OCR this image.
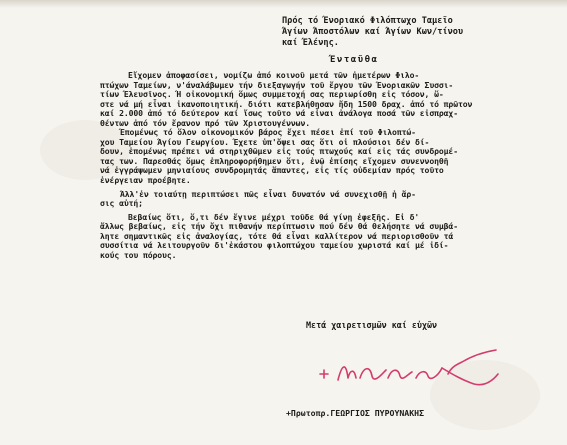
Πρός τό Ένοριακό Φιλόπτωχο Ταμεῖο
Άγίων Άποστόλων καί Άγίων Κων/τίνου
καί Έλένης.
Ένταῦθα
Εἴχομεν ἀποφασίσει, νομίζω ἀπό κοινοῦ μετά τῶν ἡμετέρων Φιλο-
πτώχων Ταμείων, ν'άναλάβωμεν τήν διεξαγωγήν τοῦ ἔργου τῶν Ένοριακῶν Συσσι-
τίων Έλευσῖνος. Ή οἰκονομική ὅμως συμμετοχή σας περιωρίσθη εἰς τόσον, ὥ-
στε νά μή εἶναι ἱκανοποιητική. διότι κατεβλήθησαν ἤδη 1500 δραχ. ἀπό τό πρῶτον
καί 2.000 ἀπό τό δεύτερον καί ἴσως τοῦτο νά εἶναι ἀνάλογα ποσά τῶν εἰσπραχ-
θέντων ἀπό τόν ἔρανον πρό τῶν Χριστουγέννων.
Έπομένως τό ὅλον οἰκονομικόν βάρος ἔχει πέσει ἐπί τοῦ Φιλοπτώ-
χου Ταμείου Άγίου Γεωργίου. Έχετε ὑπ'ὄψει σας ὅτι οἱ πλούσιοι δέν δί-
δουν, ἑπομένως πρέπει νά στηριχθῶμεν εἰς τούς πτωχούς καί εἰς τάς συνδρομέ-
τας των. Παρεσθάς ὅμως ἐπληροφορήθημεν ὅτι, ἐνῷ ἐπίσης εἴχομεν συνεννοηθῆ
νά ἐγγράψωμεν μηνιαίους συνδρομητάς ἅπαντες, εἰς τίς οὐδεμίαν πρός τοῦτο
ἐνέργειαν προέβητε.
Άλλ'ἐν τοιαύτῃ περιπτώσει πῶς εἶναι δυνατόν νά συνεχισθῇ ἡ ἄρ-
σις αὐτή;
Βεβαίως ὅτι, ὅ,τι δέν ἔγινε μέχρι τοῦδε θά γίνῃ ἐφεξῆς. Εἰ δ'
ἄλλως βεβαίως, εἰς τήν ὄχι πιθανήν περίπτωσιν πού δέν θά θελήσητε νά συμβά-
λητε σημαντικῶς εἰς ἀναλογίας, τότε θά εἶναι καλλίτερον νά περιορισθοῦν τά
συσσίτια νά λειτουργοῦν δι'ἑκάστου φιλοπτώχου ταμείου χωριστά καί μέ ἰδί-
κούς του πόρους.
Μετά χαιρετισμῶν καί εὐχῶν
+Πρωτοπρ.ΓΕΩΡΓΙΟΣ ΠΥΡΟΥΝΑΚΗΣ
